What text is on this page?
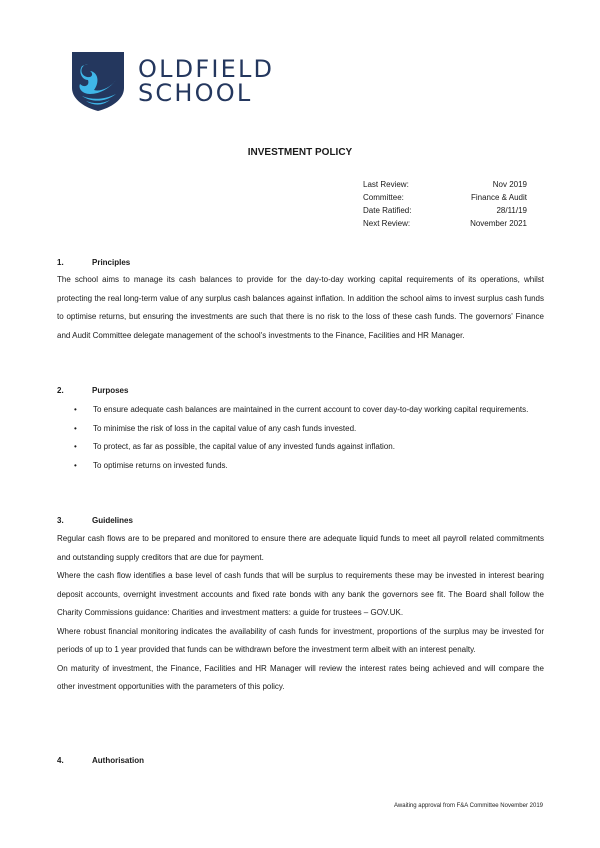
OLDFIELD
SCHOOL
INVESTMENT POLICY
Last Review:	Nov 2019
Committee:	Finance & Audit
Date Ratified:	28/11/19
Next Review:	November 2021
1.	Principles

The school aims to manage its cash balances to provide for the day-to-day working capital requirements of its operations, whilst protecting the real long-term value of any surplus cash balances against inflation. In addition the school aims to invest surplus cash funds to optimise returns, but ensuring the investments are such that there is no risk to the loss of these cash funds. The governors' Finance and Audit Committee delegate management of the school's investments to the Finance, Facilities and HR Manager.

2.	Purposes
• To ensure adequate cash balances are maintained in the current account to cover day-to-day working capital requirements.
• To minimise the risk of loss in the capital value of any cash funds invested.
• To protect, as far as possible, the capital value of any invested funds against inflation.
• To optimise returns on invested funds.
3.	Guidelines

Regular cash flows are to be prepared and monitored to ensure there are adequate liquid funds to meet all payroll related commitments and outstanding supply creditors that are due for payment.

Where the cash flow identifies a base level of cash funds that will be surplus to requirements these may be invested in interest bearing deposit accounts, overnight investment accounts and fixed rate bonds with any bank the governors see fit. The Board shall follow the Charity Commissions guidance: Charities and investment matters: a guide for trustees – GOV.UK.

Where robust financial monitoring indicates the availability of cash funds for investment, proportions of the surplus may be invested for periods of up to 1 year provided that funds can be withdrawn before the investment term albeit with an interest penalty.

On maturity of investment, the Finance, Facilities and HR Manager will review the interest rates being achieved and will compare the other investment opportunities with the parameters of this policy.

4.	Authorisation
Awaiting approval from F&A Committee November 2019
